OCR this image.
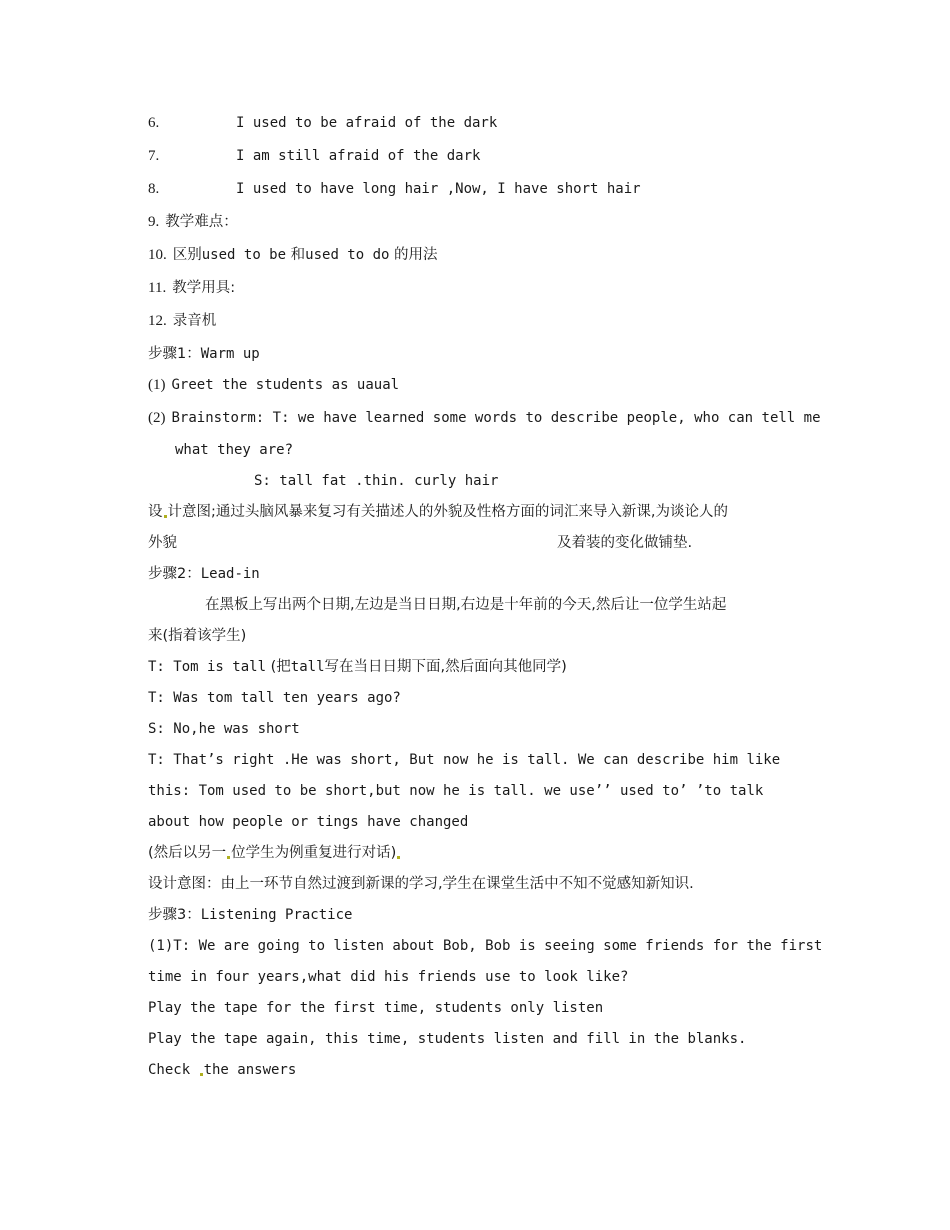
6.	I used to be afraid of the dark
7.	I am still afraid of the dark
8.	I used to have long hair ,Now, I have short hair
9. 教学难点：
10. 区别used to be 和used to do 的用法
11. 教学用具:
12. 录音机
步骤1：Warm up
(1) Greet the students as uaual
(2) Brainstorm: T: we have learned some words to describe people, who can tell me
what they are?
S: tall fat .thin. curly hair
设 计意图;通过头脑风暴来复习有关描述人的外貌及性格方面的词汇来导入新课,为谈论人的
外貌	及着装的变化做铺垫.
步骤2：Lead-in
在黑板上写出两个日期,左边是当日日期,右边是十年前的今天,然后让一位学生站起
来(指着该学生)
T: Tom is tall (把tall写在当日日期下面,然后面向其他同学)
T: Was tom tall ten years ago?
S: No,he was short
T: That’s right .He was short, But now he is tall. We can describe him like
this: Tom used to be short,but now he is tall. we use’’ used to’ ’to talk
about how people or tings have changed
(然后以另一 位学生为例重复进行对话)
设计意图：由上一环节自然过渡到新课的学习,学生在课堂生活中不知不觉感知新知识.
步骤3：Listening Practice
(1)T: We are going to listen about Bob, Bob is seeing some friends for the first
time in four years,what did his friends use to look like?
Play the tape for the first time, students only listen
Play the tape again, this time, students listen and fill in the blanks.
Check the answers
